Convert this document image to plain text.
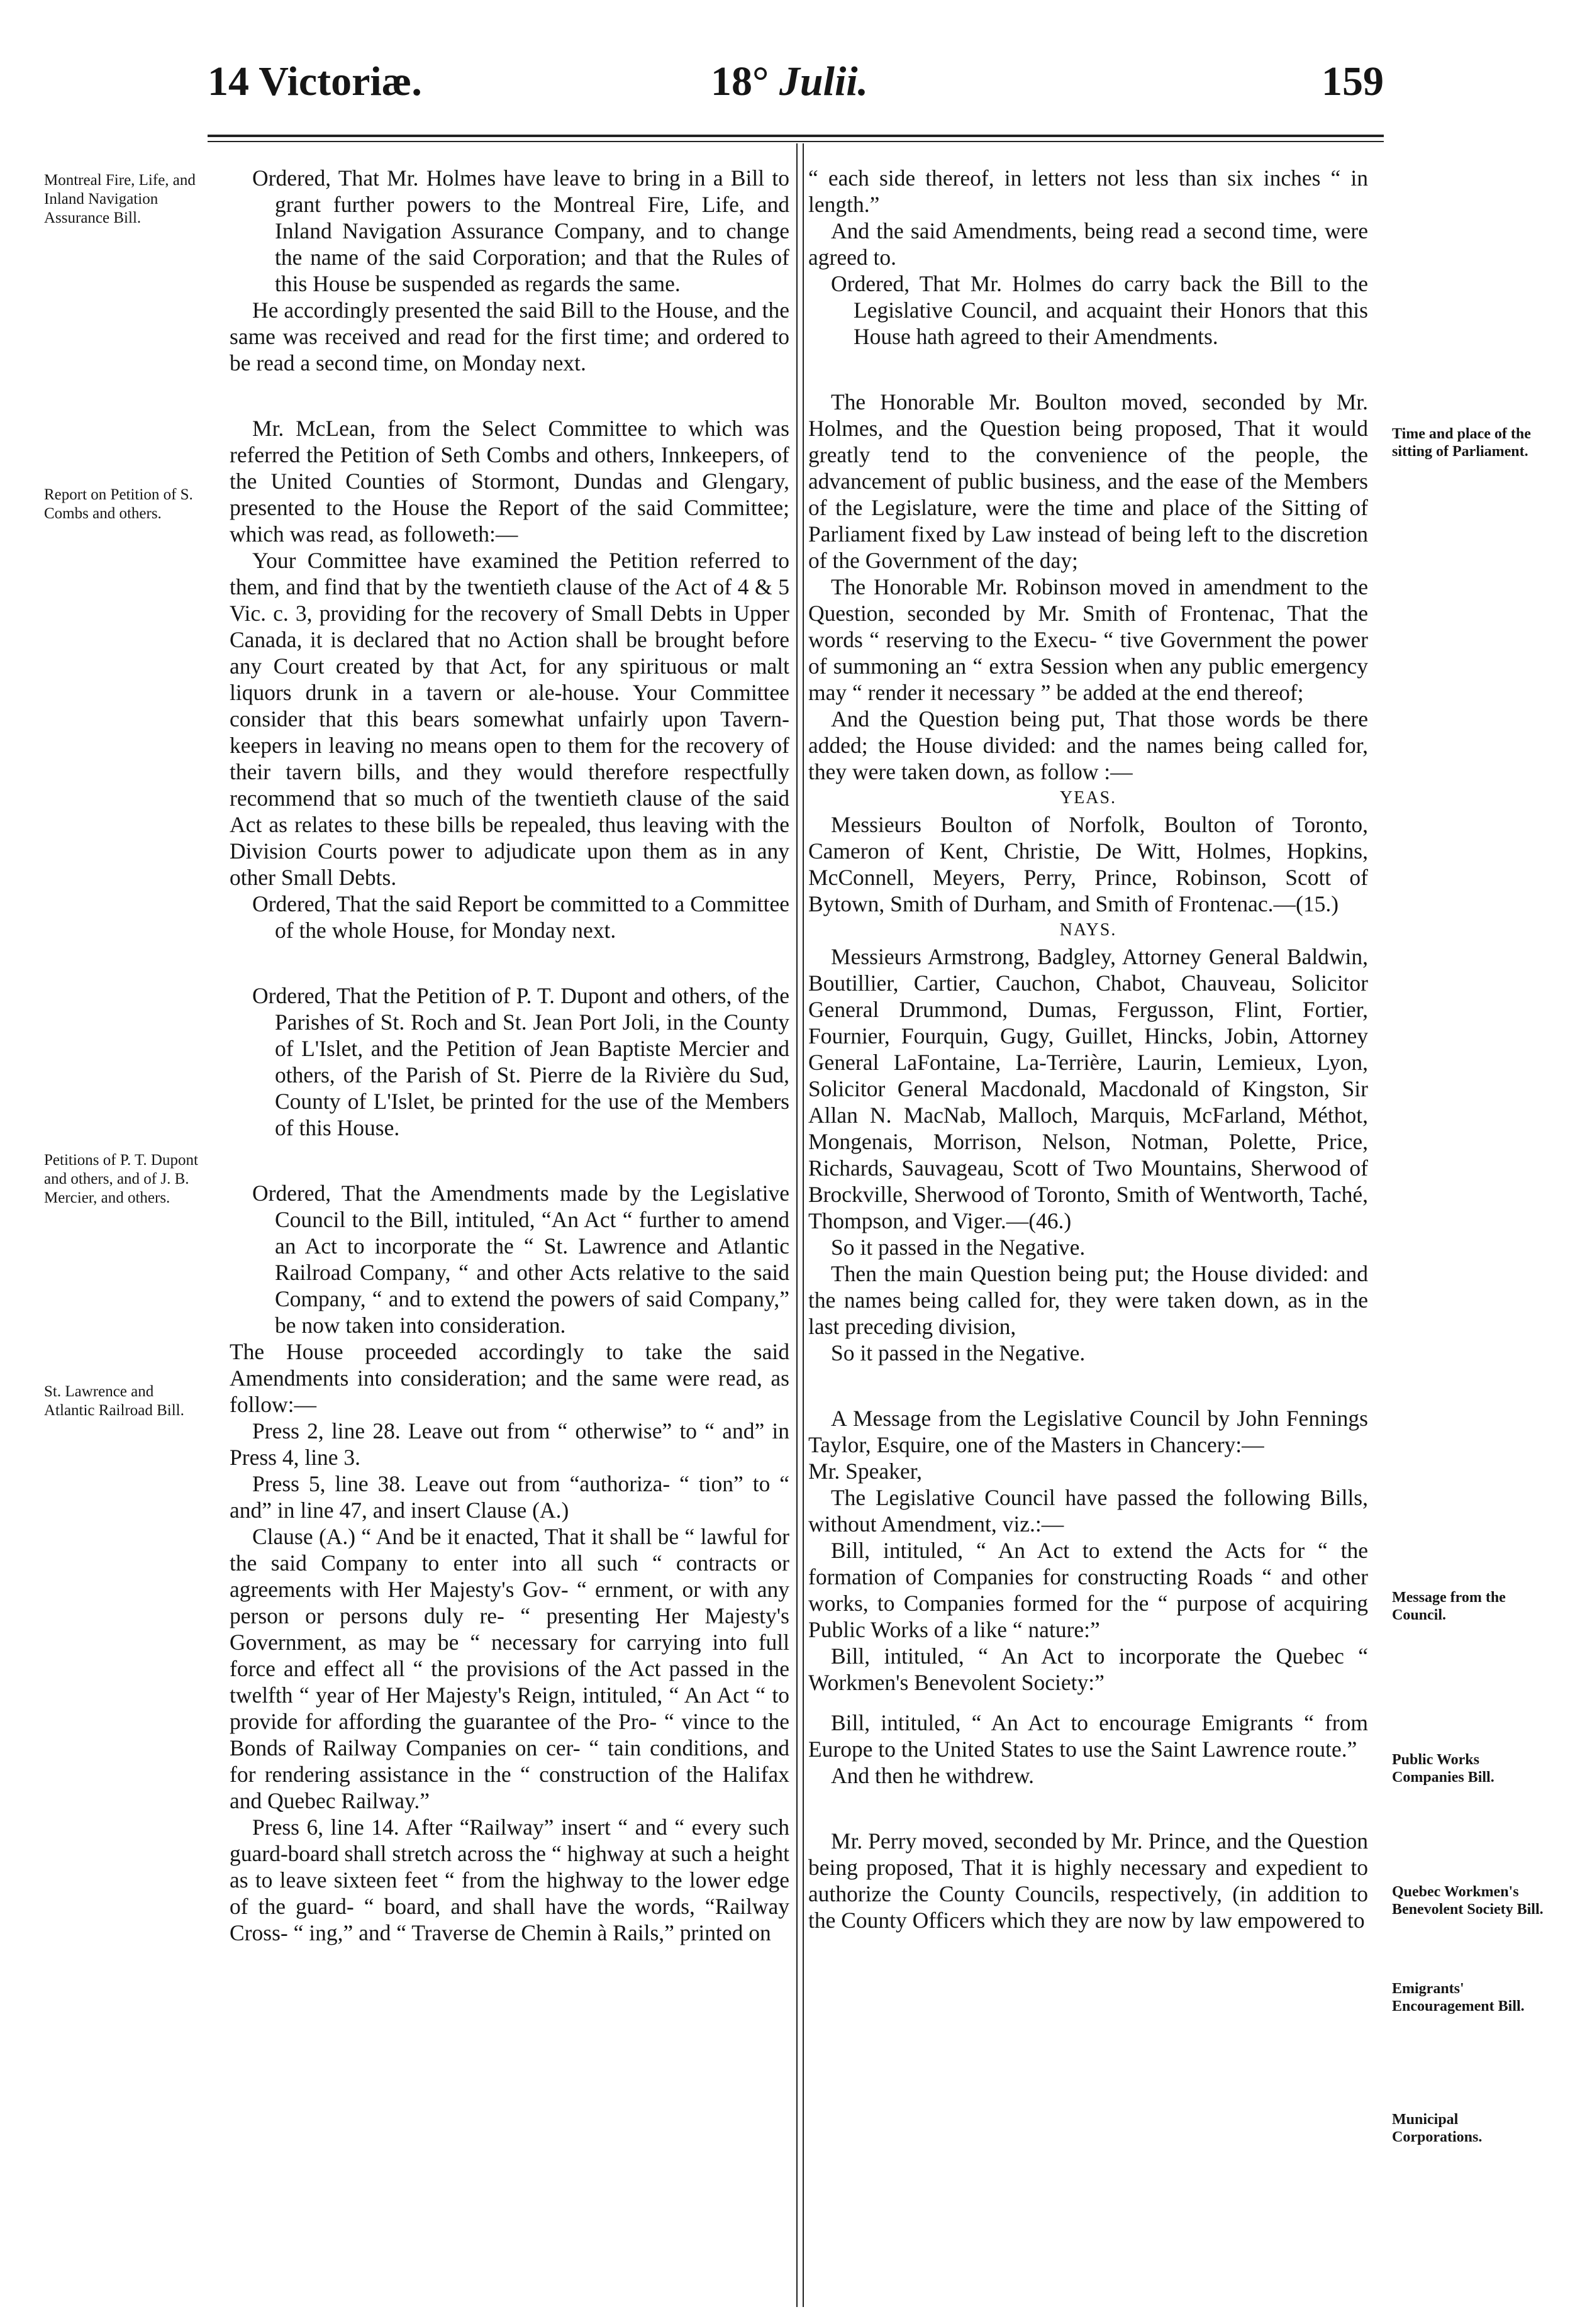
14 Victoriæ.	18° Julii.	159
Montreal Fire, Life, and Inland Navigation Assurance Bill.
Report on Petition of S. Combs and others.
Petitions of P. T. Dupont and others, and of J. B. Mercier, and others.
St. Lawrence and Atlantic Railroad Bill.
Time and place of the sitting of Parliament.
Message from the Council.
Public Works Companies Bill.
Quebec Workmen's Benevolent Society Bill.
Emigrants' Encouragement Bill.
Municipal Corporations.

Ordered, That Mr. Holmes have leave to bring in a Bill to grant further powers to the Montreal Fire, Life, and Inland Navigation Assurance Company, and to change the name of the said Corporation; and that the Rules of this House be suspended as regards the same.

He accordingly presented the said Bill to the House, and the same was received and read for the first time; and ordered to be read a second time, on Monday next.

Mr. McLean, from the Select Committee to which was referred the Petition of Seth Combs and others, Innkeepers, of the United Counties of Stormont, Dundas and Glengary, presented to the House the Report of the said Committee; which was read, as followeth:—

Your Committee have examined the Petition referred to them, and find that by the twentieth clause of the Act of 4 & 5 Vic. c. 3, providing for the recovery of Small Debts in Upper Canada, it is declared that no Action shall be brought before any Court created by that Act, for any spirituous or malt liquors drunk in a tavern or ale-house. Your Committee consider that this bears somewhat unfairly upon Tavern-keepers in leaving no means open to them for the recovery of their tavern bills, and they would therefore respectfully recommend that so much of the twentieth clause of the said Act as relates to these bills be repealed, thus leaving with the Division Courts power to adjudicate upon them as in any other Small Debts.

Ordered, That the said Report be committed to a Committee of the whole House, for Monday next.

Ordered, That the Petition of P. T. Dupont and others, of the Parishes of St. Roch and St. Jean Port Joli, in the County of L'Islet, and the Petition of Jean Baptiste Mercier and others, of the Parish of St. Pierre de la Rivière du Sud, County of L'Islet, be printed for the use of the Members of this House.

Ordered, That the Amendments made by the Legislative Council to the Bill, intituled, “An Act “ further to amend an Act to incorporate the “ St. Lawrence and Atlantic Railroad Company, “ and other Acts relative to the said Company, “ and to extend the powers of said Company,” be now taken into consideration.

The House proceeded accordingly to take the said Amendments into consideration; and the same were read, as follow:—

Press 2, line 28. Leave out from “ otherwise” to “ and” in Press 4, line 3.

Press 5, line 38. Leave out from “authoriza- “ tion” to “ and” in line 47, and insert Clause (A.)

Clause (A.) “ And be it enacted, That it shall be “ lawful for the said Company to enter into all such “ contracts or agreements with Her Majesty's Gov- “ ernment, or with any person or persons duly re- “ presenting Her Majesty's Government, as may be “ necessary for carrying into full force and effect all “ the provisions of the Act passed in the twelfth “ year of Her Majesty's Reign, intituled, “ An Act “ to provide for affording the guarantee of the Pro- “ vince to the Bonds of Railway Companies on cer- “ tain conditions, and for rendering assistance in the “ construction of the Halifax and Quebec Railway.”

Press 6, line 14. After “Railway” insert “ and “ every such guard-board shall stretch across the “ highway at such a height as to leave sixteen feet “ from the highway to the lower edge of the guard- “ board, and shall have the words, “Railway Cross- “ ing,” and “ Traverse de Chemin à Rails,” printed on

“ each side thereof, in letters not less than six inches “ in length.”

And the said Amendments, being read a second time, were agreed to.

Ordered, That Mr. Holmes do carry back the Bill to the Legislative Council, and acquaint their Honors that this House hath agreed to their Amendments.

The Honorable Mr. Boulton moved, seconded by Mr. Holmes, and the Question being proposed, That it would greatly tend to the convenience of the people, the advancement of public business, and the ease of the Members of the Legislature, were the time and place of the Sitting of Parliament fixed by Law instead of being left to the discretion of the Government of the day;

The Honorable Mr. Robinson moved in amendment to the Question, seconded by Mr. Smith of Frontenac, That the words “ reserving to the Execu- “ tive Government the power of summoning an “ extra Session when any public emergency may “ render it necessary ” be added at the end thereof;

And the Question being put, That those words be there added; the House divided: and the names being called for, they were taken down, as follow :—

YEAS.

Messieurs Boulton of Norfolk, Boulton of Toronto, Cameron of Kent, Christie, De Witt, Holmes, Hopkins, McConnell, Meyers, Perry, Prince, Robinson, Scott of Bytown, Smith of Durham, and Smith of Frontenac.—(15.)

NAYS.

Messieurs Armstrong, Badgley, Attorney General Baldwin, Boutillier, Cartier, Cauchon, Chabot, Chauveau, Solicitor General Drummond, Dumas, Fergusson, Flint, Fortier, Fournier, Fourquin, Gugy, Guillet, Hincks, Jobin, Attorney General LaFontaine, La-Terrière, Laurin, Lemieux, Lyon, Solicitor General Macdonald, Macdonald of Kingston, Sir Allan N. MacNab, Malloch, Marquis, McFarland, Méthot, Mongenais, Morrison, Nelson, Notman, Polette, Price, Richards, Sauvageau, Scott of Two Mountains, Sherwood of Brockville, Sherwood of Toronto, Smith of Wentworth, Taché, Thompson, and Viger.—(46.)

So it passed in the Negative.

Then the main Question being put; the House divided: and the names being called for, they were taken down, as in the last preceding division,

So it passed in the Negative.

A Message from the Legislative Council by John Fennings Taylor, Esquire, one of the Masters in Chancery:—

Mr. Speaker,

The Legislative Council have passed the following Bills, without Amendment, viz.:—

Bill, intituled, “ An Act to extend the Acts for “ the formation of Companies for constructing Roads “ and other works, to Companies formed for the “ purpose of acquiring Public Works of a like “ nature:”

Bill, intituled, “ An Act to incorporate the Quebec “ Workmen's Benevolent Society:”

Bill, intituled, “ An Act to encourage Emigrants “ from Europe to the United States to use the Saint Lawrence route.”

And then he withdrew.

Mr. Perry moved, seconded by Mr. Prince, and the Question being proposed, That it is highly necessary and expedient to authorize the County Councils, respectively, (in addition to the County Officers which they are now by law empowered to
